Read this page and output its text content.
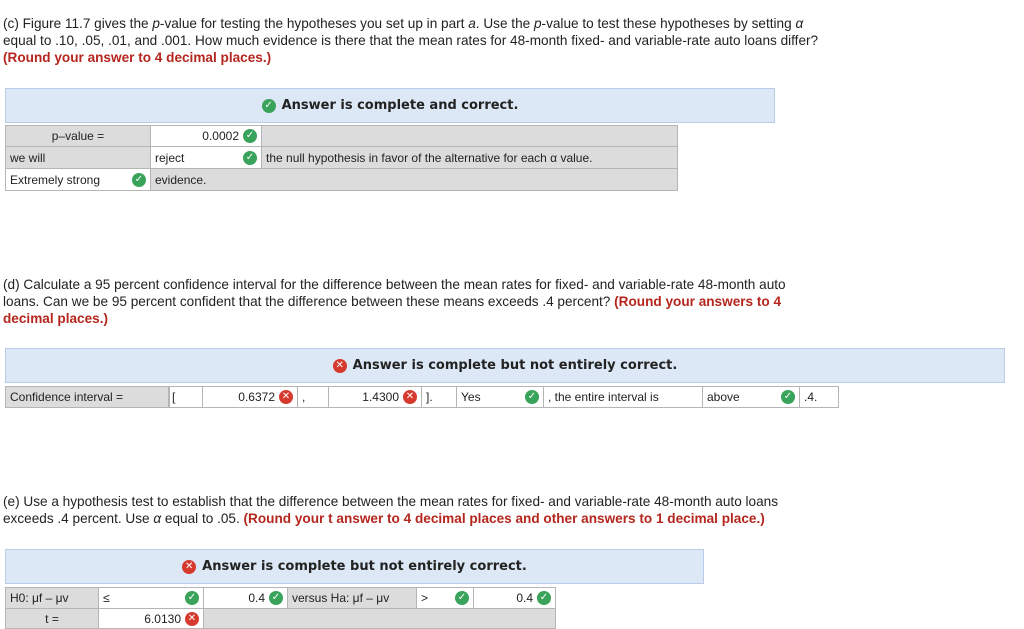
(c) Figure 11.7 gives the p-value for testing the hypotheses you set up in part a. Use the p-value to test these hypotheses by setting α
equal to .10, .05, .01, and .001. How much evidence is there that the mean rates for 48-month fixed- and variable-rate auto loans differ?
(Round your answer to 4 decimal places.)
✓ Answer is complete and correct.
p–value =	0.0002 ✓
we will	reject	✓ the null hypothesis in favor of the alternative for each α value.
Extremely strong	✓ evidence.
(d) Calculate a 95 percent confidence interval for the difference between the mean rates for fixed- and variable-rate 48-month auto
loans. Can we be 95 percent confident that the difference between these means exceeds .4 percent? (Round your answers to 4
decimal places.)
✕ Answer is complete but not entirely correct.
Confidence interval =	[	0.6372 ✕ ,	1.4300 ✕ ]. Yes	✓ , the entire interval is	above	✓ .4.
(e) Use a hypothesis test to establish that the difference between the mean rates for fixed- and variable-rate 48-month auto loans
exceeds .4 percent. Use α equal to .05. (Round your t answer to 4 decimal places and other answers to 1 decimal place.)
✕ Answer is complete but not entirely correct.
H0: μf – μv	≤	✓	0.4 ✓ versus Ha: μf – μv	>	✓	0.4 ✓
t =	6.0130 ✕
